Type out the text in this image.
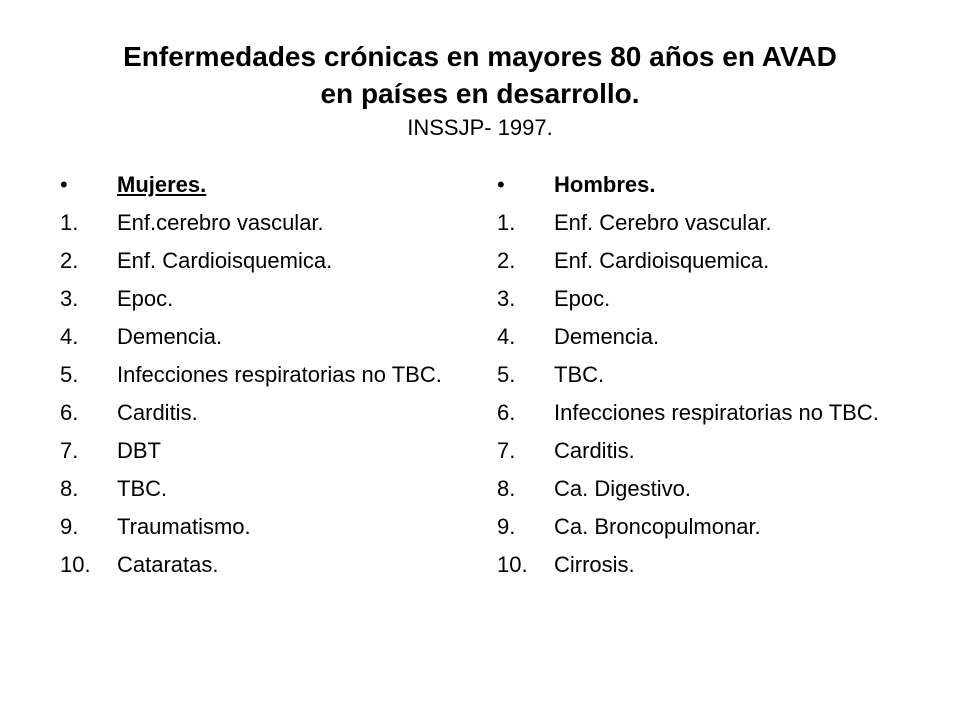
Enfermedades crónicas en mayores 80 años en AVAD
en países en desarrollo.
INSSJP- 1997.
• Mujeres.
1. Enf.cerebro vascular.
2. Enf. Cardioisquemica.
3. Epoc.
4. Demencia.
5. Infecciones respiratorias no TBC.
6. Carditis.
7. DBT
8. TBC.
9. Traumatismo.
10. Cataratas.
• Hombres.
1. Enf. Cerebro vascular.
2. Enf. Cardioisquemica.
3. Epoc.
4. Demencia.
5. TBC.
6. Infecciones respiratorias no TBC.
7. Carditis.
8. Ca. Digestivo.
9. Ca. Broncopulmonar.
10. Cirrosis.
